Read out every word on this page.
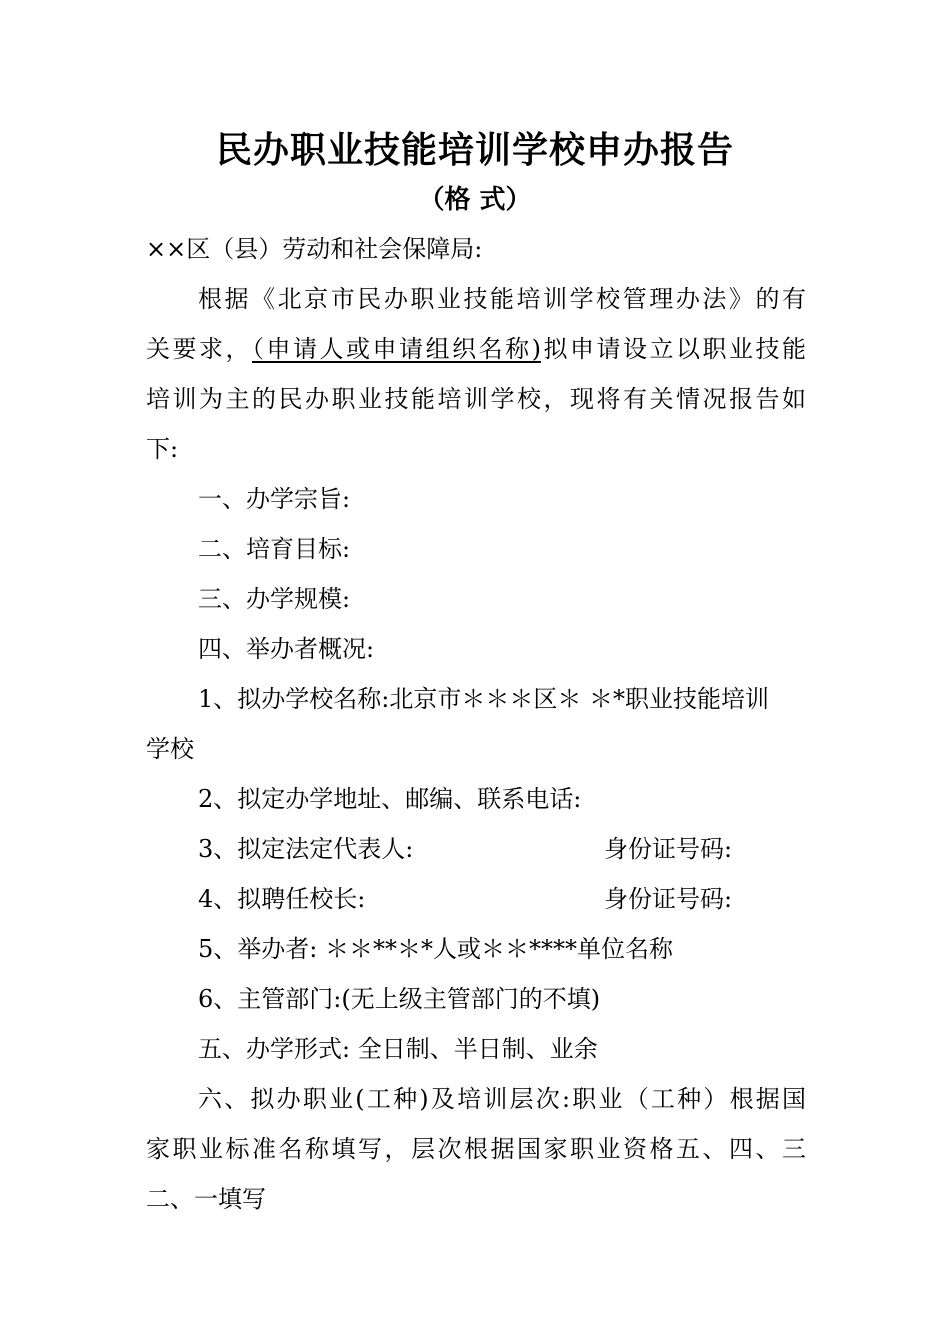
民办职业技能培训学校申办报告
（格 式）
××区（县）劳动和社会保障局:
根据《北京市民办职业技能培训学校管理办法》的有
关要求，（申请人或申请组织名称)拟申请设立以职业技能
培训为主的民办职业技能培训学校，现将有关情况报告如
下:
一、办学宗旨:
二、培育目标:
三、办学规模:
四、举办者概况:
1、拟办学校名称:北京市＊＊＊区＊ ＊*职业技能培训
学校
2、拟定办学地址、邮编、联系电话:
3、拟定法定代表人:	身份证号码:
4、拟聘任校长:	身份证号码:
5、举办者: ＊＊**＊*人或＊＊****单位名称
6、主管部门:(无上级主管部门的不填)
五、办学形式: 全日制、半日制、业余
六、拟办职业(工种)及培训层次:职业（工种）根据国
家职业标准名称填写，层次根据国家职业资格五、四、三
二、一填写
